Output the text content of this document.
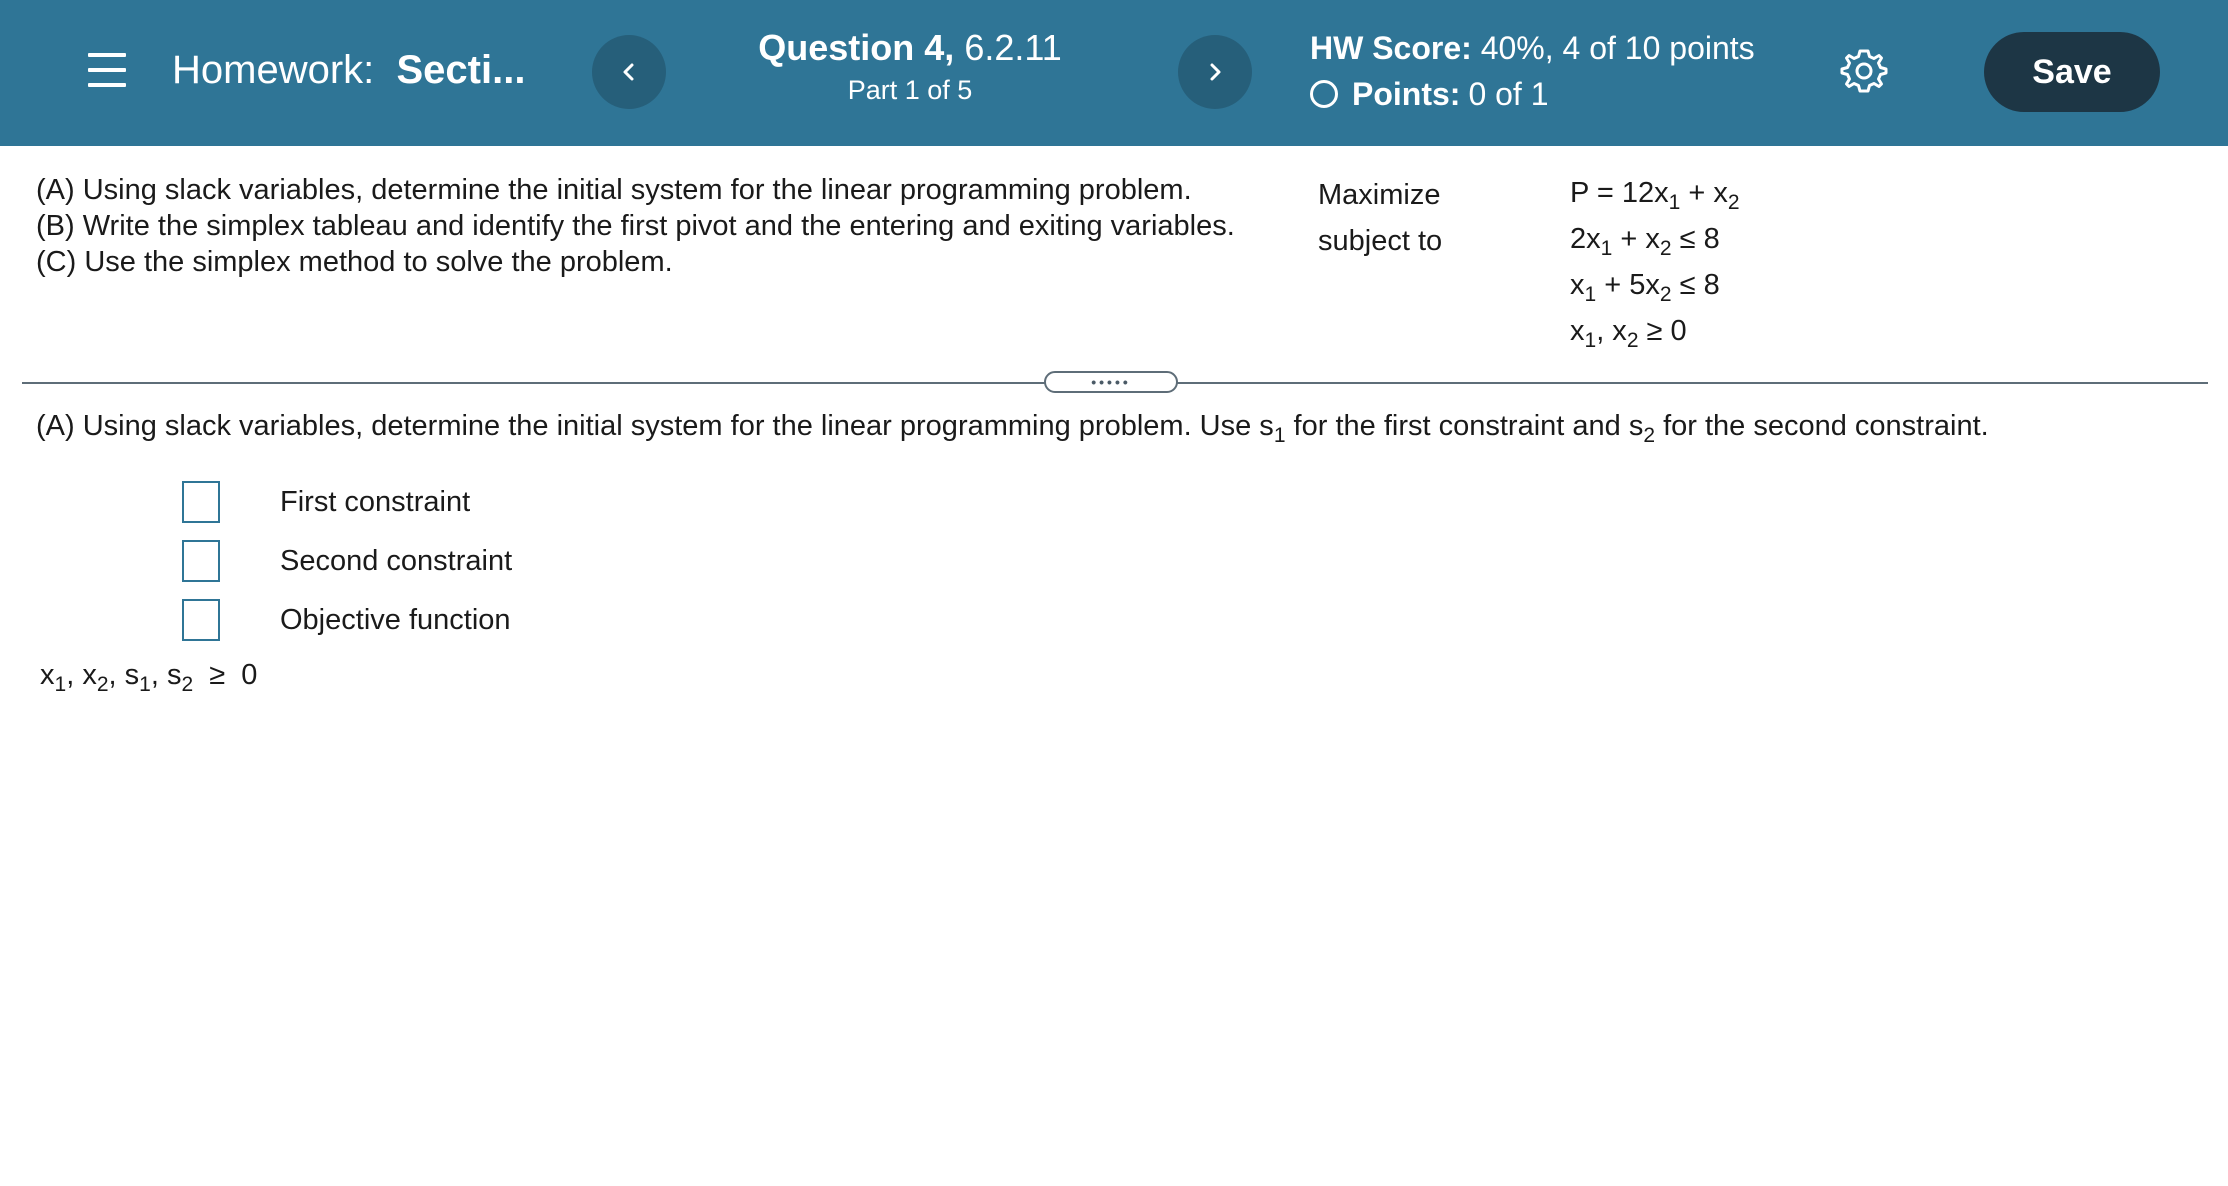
Homework: Secti...
Question 4, 6.2.11
Part 1 of 5
HW Score: 40%, 4 of 10 points
Points: 0 of 1
Save
(A) Using slack variables, determine the initial system for the linear programming problem.
(B) Write the simplex tableau and identify the first pivot and the entering and exiting variables.
(C) Use the simplex method to solve the problem.
Maximize
subject to
$P = 12x_1 + x_2$
$2x_1 + x_2 \le 8$
$x_1 + 5x_2 \le 8$
$x_1$, $x_2 \ge 0$
•••••
(A) Using slack variables, determine the initial system for the linear programming problem. Use $s_1$ for the first constraint and $s_2$ for the second constraint.
First constraint
Second constraint
Objective function
$x_1$, $x_2$, $s_1$, $s_2 \ge 0$
